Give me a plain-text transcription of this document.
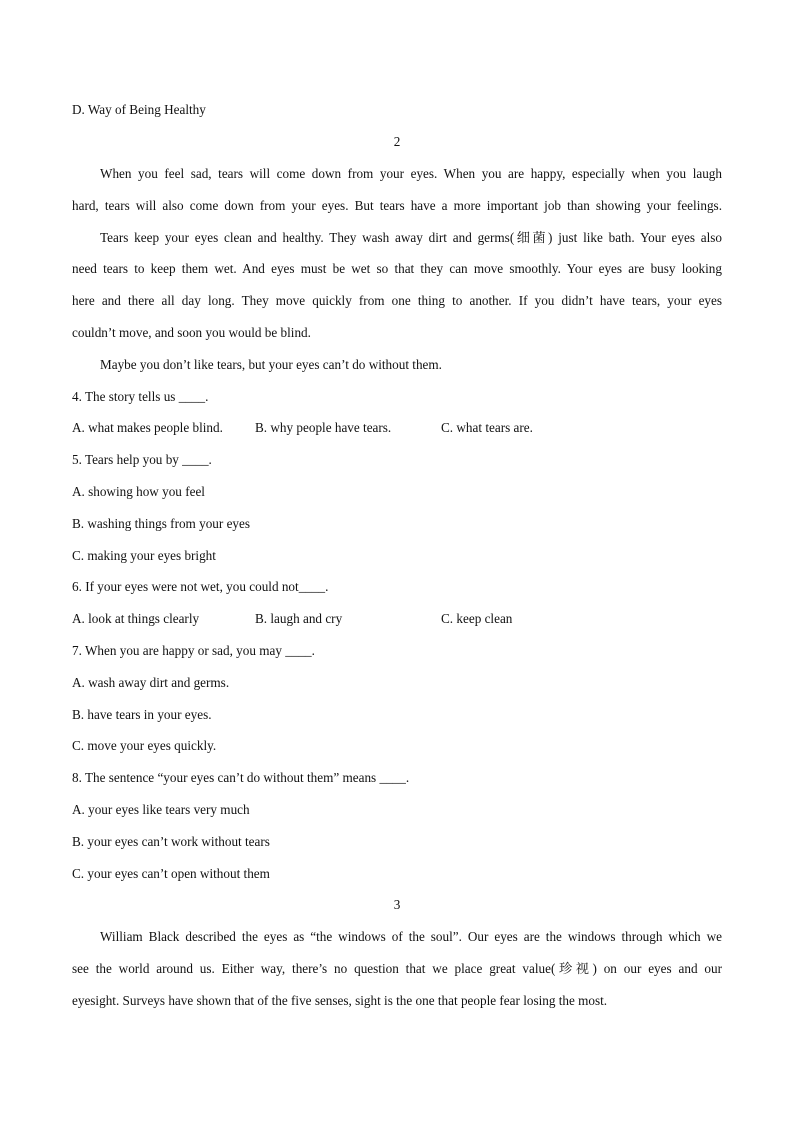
D. Way of Being Healthy
2
When you feel sad, tears will come down from your eyes. When you are happy, especially when you laugh
hard, tears will also come down from your eyes. But tears have a more important job than showing your feelings.
Tears keep your eyes clean and healthy. They wash away dirt and germs(细菌) just like bath. Your eyes also
need tears to keep them wet. And eyes must be wet so that they can move smoothly. Your eyes are busy looking
here and there all day long. They move quickly from one thing to another. If you didn’t have tears, your eyes
couldn’t move, and soon you would be blind.
Maybe you don’t like tears, but your eyes can’t do without them.
4. The story tells us ____.
A. what makes people blind. B. why people have tears.	C. what tears are.
5. Tears help you by ____.
A. showing how you feel
B. washing things from your eyes
C. making your eyes bright
6. If your eyes were not wet, you could not____.
A. look at things clearly	B. laugh and cry	C. keep clean
7. When you are happy or sad, you may ____.
A. wash away dirt and germs.
B. have tears in your eyes.
C. move your eyes quickly.
8. The sentence “your eyes can’t do without them” means ____.
A. your eyes like tears very much
B. your eyes can’t work without tears
C. your eyes can’t open without them
3
William Black described the eyes as “the windows of the soul”. Our eyes are the windows through which we
see the world around us. Either way, there’s no question that we place great value(珍视) on our eyes and our
eyesight. Surveys have shown that of the five senses, sight is the one that people fear losing the most.
